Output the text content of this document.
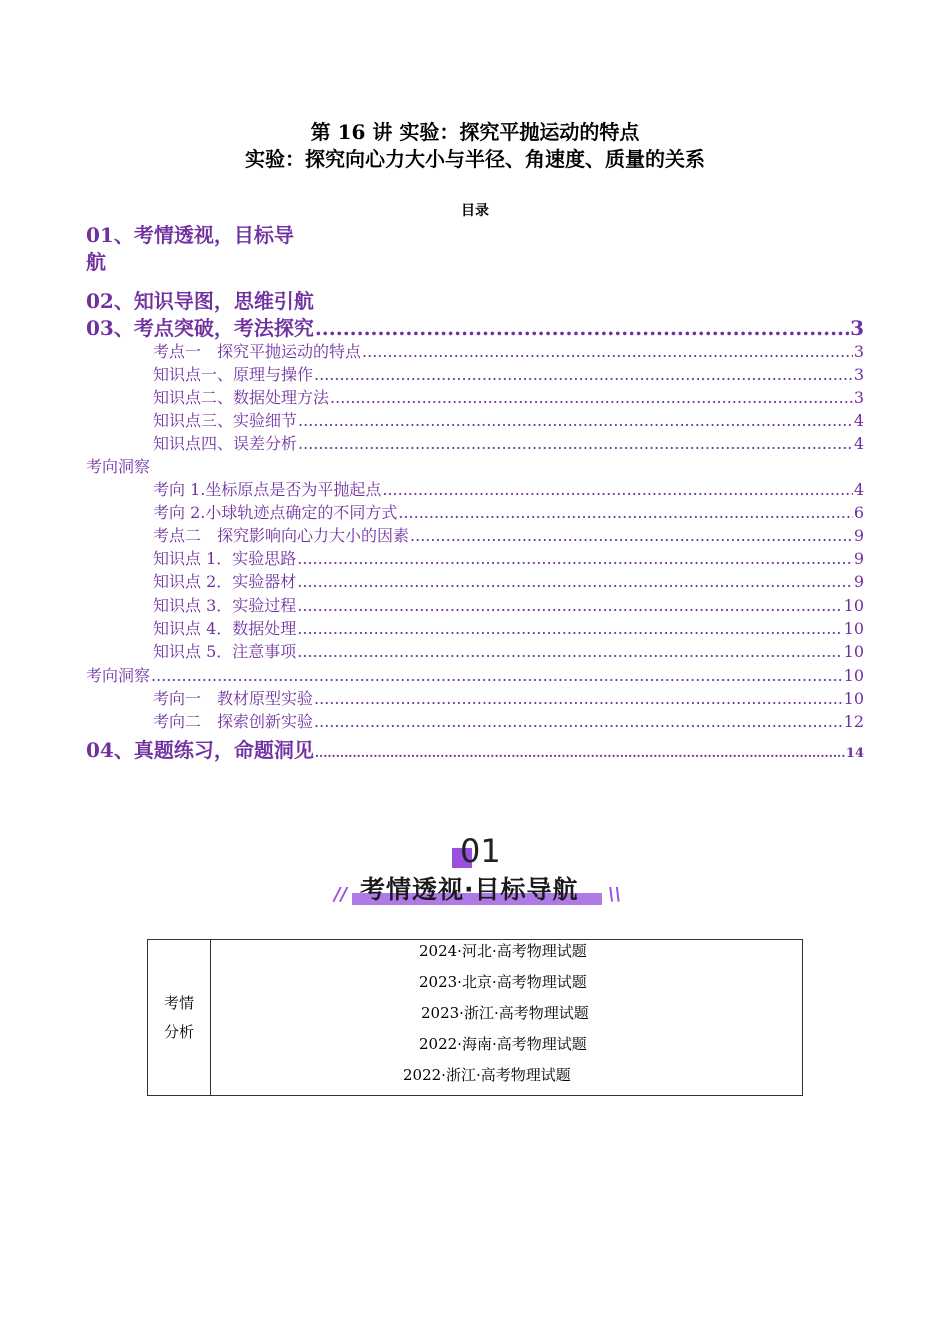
第 16 讲 实验：探究平抛运动的特点
实验：探究向心力大小与半径、角速度、质量的关系
目录
01、考情透视，目标导
航
02、知识导图，思维引航
03、考点突破，考法探究 .....	3
考点一　探究平抛运动的特点 .....	3
知识点一、原理与操作 .....	3
知识点二、数据处理方法 .....	3
知识点三、实验细节 .....	4
知识点四、误差分析 .....	4
考向洞察
考向 1.坐标原点是否为平抛起点 .....	4
考向 2.小球轨迹点确定的不同方式 .....	6
考点二　探究影响向心力大小的因素 .....	9
知识点 1．实验思路 .....	9
知识点 2．实验器材 .....	9
知识点 3．实验过程 .....	10
知识点 4．数据处理 .....	10
知识点 5．注意事项 .....	10
考向洞察 .....	10
考向一　教材原型实验 .....	10
考向二　探索创新实验 .....	12
04、真题练习，命题洞见 .....	14
01
// 考情透视·目标导航 \\
考情
分析

2024·河北·高考物理试题
2023·北京·高考物理试题
2023·浙江·高考物理试题
2022·海南·高考物理试题
2022·浙江·高考物理试题
